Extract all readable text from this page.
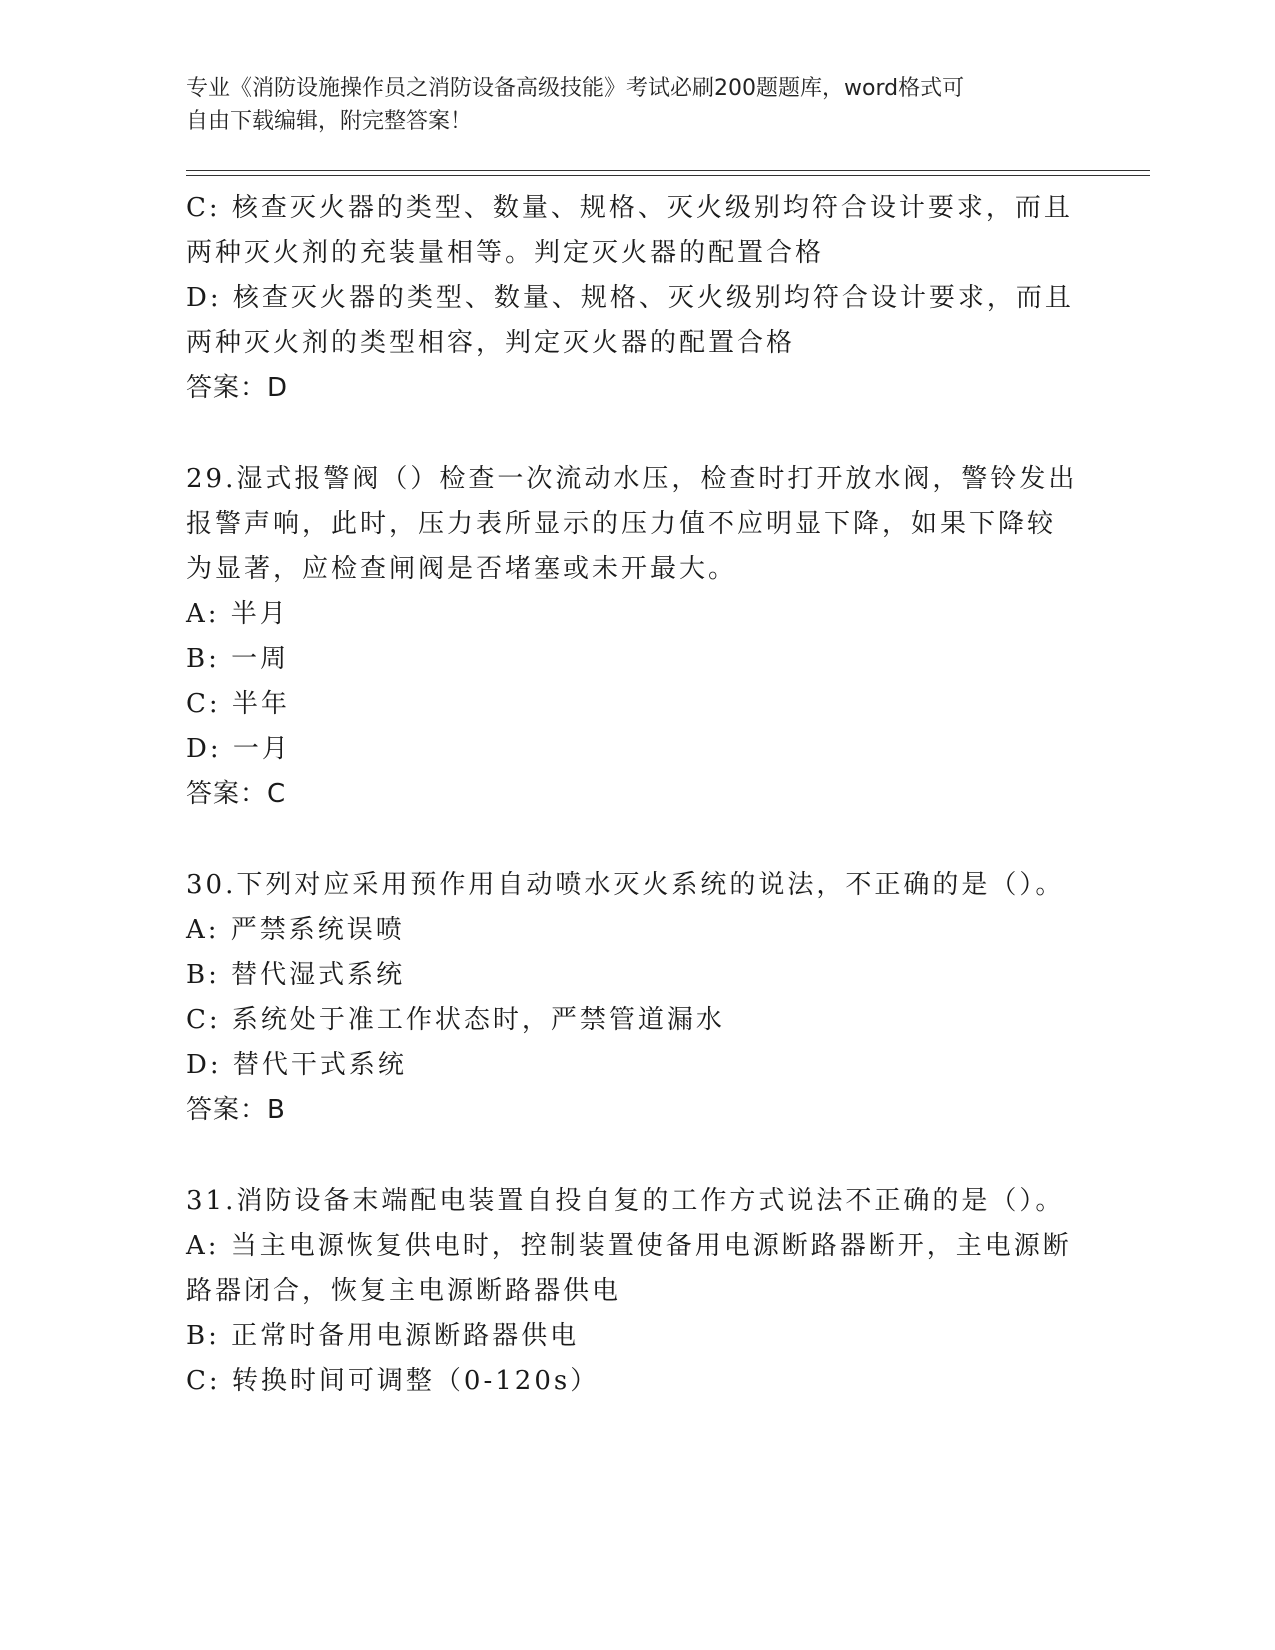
专业《消防设施操作员之消防设备高级技能》考试必刷200题题库，word格式可
自由下载编辑，附完整答案！
C: 核查灭火器的类型、数量、规格、灭火级别均符合设计要求，而且
两种灭火剂的充装量相等。判定灭火器的配置合格
D: 核查灭火器的类型、数量、规格、灭火级别均符合设计要求，而且
两种灭火剂的类型相容，判定灭火器的配置合格
答案：D
29.湿式报警阀（）检查一次流动水压，检查时打开放水阀，警铃发出
报警声响，此时，压力表所显示的压力值不应明显下降，如果下降较
为显著，应检查闸阀是否堵塞或未开最大。
A: 半月
B: 一周
C: 半年
D: 一月
答案：C
30.下列对应采用预作用自动喷水灭火系统的说法，不正确的是（）。
A: 严禁系统误喷
B: 替代湿式系统
C: 系统处于准工作状态时，严禁管道漏水
D: 替代干式系统
答案：B
31.消防设备末端配电装置自投自复的工作方式说法不正确的是（）。
A: 当主电源恢复供电时，控制装置使备用电源断路器断开，主电源断
路器闭合，恢复主电源断路器供电
B: 正常时备用电源断路器供电
C: 转换时间可调整（0-120s）
